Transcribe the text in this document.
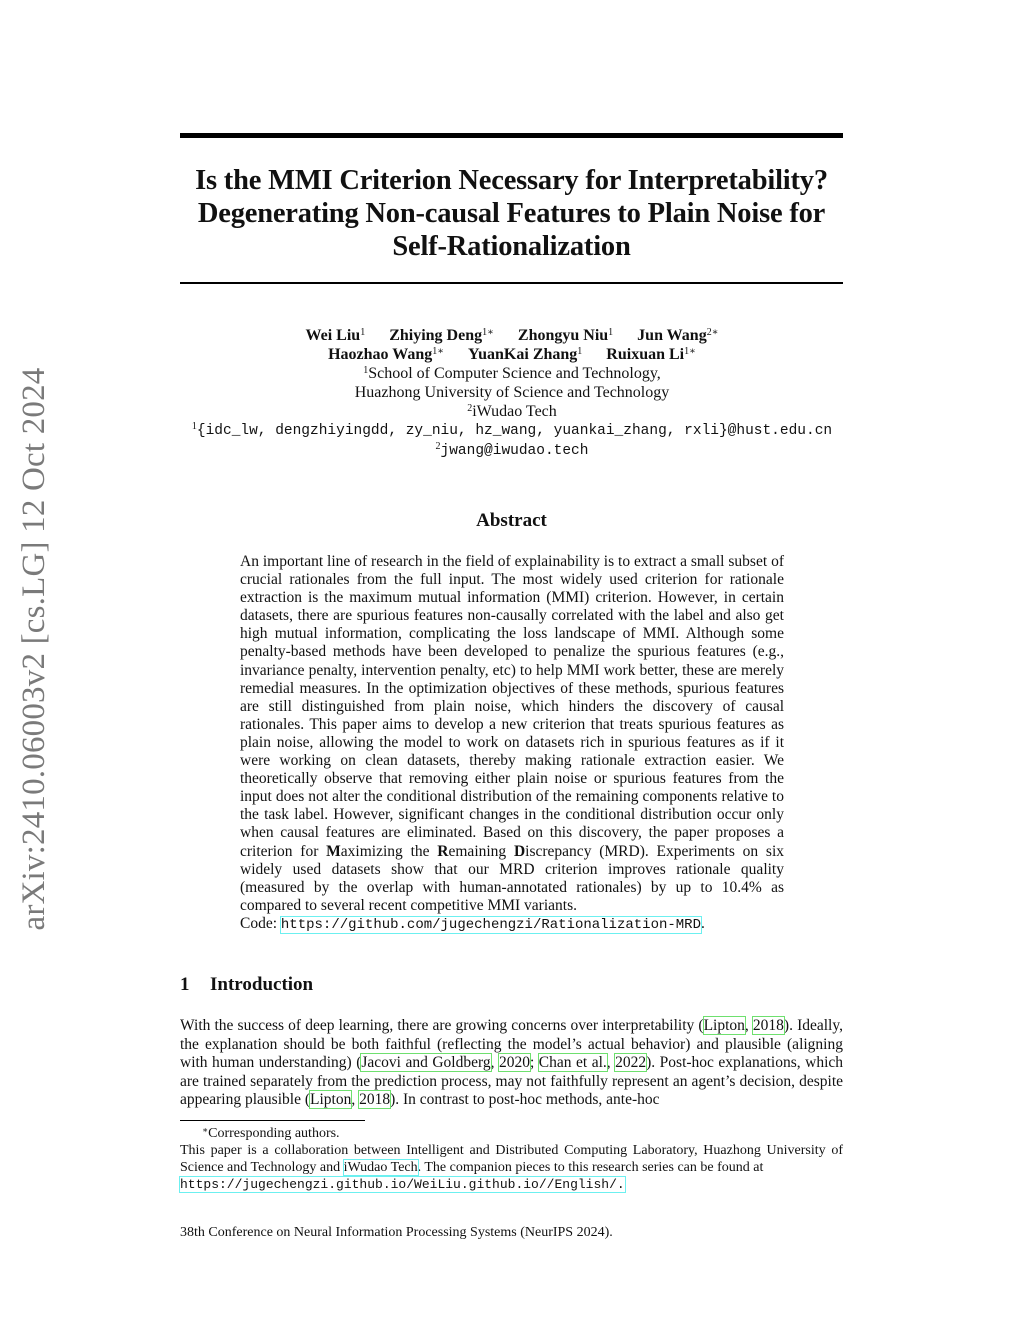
arXiv:2410.06003v2 [cs.LG] 12 Oct 2024
Is the MMI Criterion Necessary for Interpretability?
Degenerating Non-causal Features to Plain Noise for
Self-Rationalization
Wei Liu$^1$ Zhiying Deng$^{1∗}$ Zhongyu Niu$^1$ Jun Wang$^{2∗}$
Haozhao Wang$^{1∗}$ YuanKai Zhang$^1$ Ruixuan $Li^{1∗}$
$^1$School of Computer Science and Technology,
Huazhong University of Science and Technology
$^2$iWudao Tech
$^1${idc_lw, dengzhiyingdd, zy_niu, hz_wang, yuankai_zhang, rxli}@hust.edu.cn
$^2$jwang@iwudao.tech
Abstract
An important line of research in the field of explainability is to extract a small subset of crucial rationales from the full input. The most widely used criterion for rationale extraction is the maximum mutual information (MMI) criterion. However, in certain datasets, there are spurious features non-causally correlated with the label and also get high mutual information, complicating the loss landscape of MMI. Although some penalty-based methods have been developed to penalize the spurious features (e.g., invariance penalty, intervention penalty, etc) to help MMI work better, these are merely remedial measures. In the optimization objectives of these methods, spurious features are still distinguished from plain noise, which hinders the discovery of causal rationales. This paper aims to develop a new criterion that treats spurious features as plain noise, allowing the model to work on datasets rich in spurious features as if it were working on clean datasets, thereby making rationale extraction easier. We theoretically observe that removing either plain noise or spurious features from the input does not alter the conditional distribution of the remaining components relative to the task label. However, significant changes in the conditional distribution occur only when causal features are eliminated. Based on this discovery, the paper proposes a criterion for Maximizing the Remaining Discrepancy (MRD). Experiments on six widely used datasets show that our MRD criterion improves rationale quality (measured by the overlap with human-annotated rationales) by up to 10.4% as compared to several recent competitive MMI variants.
Code: https://github.com/jugechengzi/Rationalization-MRD.
1 Introduction
With the success of deep learning, there are growing concerns over interpretability (Lipton, 2018). Ideally, the explanation should be both faithful (reflecting the model’s actual behavior) and plausible (aligning with human understanding) (Jacovi and Goldberg, 2020; Chan et al., 2022). Post-hoc explanations, which are trained separately from the prediction process, may not faithfully represent an agent’s decision, despite appearing plausible (Lipton, 2018). In contrast to post-hoc methods, ante-hoc
∗Corresponding authors.
This paper is a collaboration between Intelligent and Distributed Computing Laboratory, Huazhong University of Science and Technology and iWudao Tech. The companion pieces to this research series can be found at
https://jugechengzi.github.io/WeiLiu.github.io//English/.
38th Conference on Neural Information Processing Systems (NeurIPS 2024).
